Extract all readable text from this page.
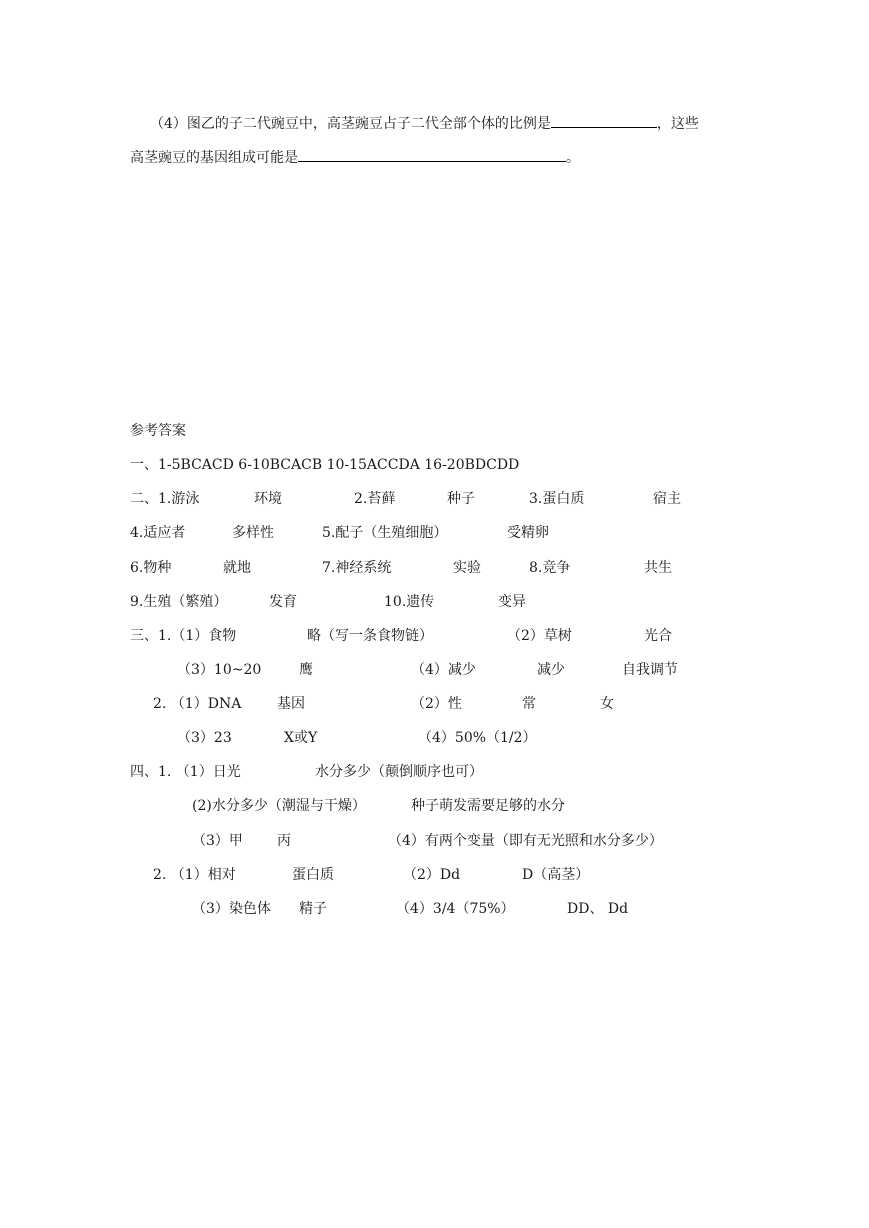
（4）图乙的子二代豌豆中，高茎豌豆占子二代全部个体的比例是	，这些
高茎豌豆的基因组成可能是	。
参考答案
一、1-5BCACD 6-10BCACB 10-15ACCDA 16-20BDCDD
二、1.游泳	环境	2.苔藓	种子	3.蛋白质	宿主
4.适应者	多样性	5.配子（生殖细胞）	受精卵
6.物种	就地	7.神经系统	实验	8.竞争	共生
9.生殖（繁殖）	发育	10.遗传	变异
三、1.（1）食物	略（写一条食物链）	（2）草树	光合
（3）10~20	鹰	（4）减少	减少	自我调节
2. （1）DNA	基因	（2）性	常	女
（3）23	X或Y	（4）50%（1/2）
四、1. （1）日光	水分多少（颠倒顺序也可）
(2)水分多少（潮湿与干燥）	种子萌发需要足够的水分
（3）甲 丙	（4）有两个变量（即有无光照和水分多少）
2. （1）相对	蛋白质	（2）Dd	D（高茎）
（3）染色体 精子	（4）3/4（75%）	DD、 Dd
